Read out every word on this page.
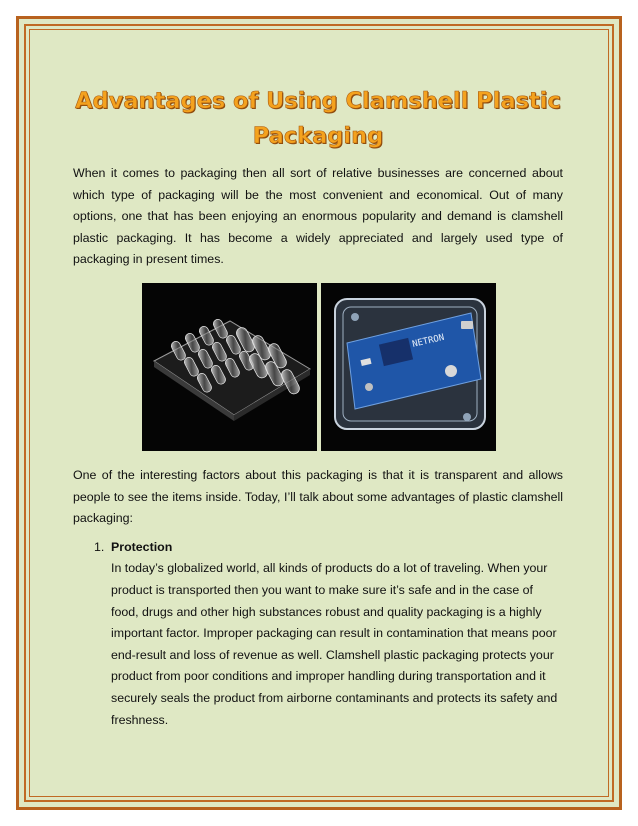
Advantages of Using Clamshell Plastic
Packaging

When it comes to packaging then all sort of relative businesses are concerned about which type of packaging will be the most convenient and economical. Out of many options, one that has been enjoying an enormous popularity and demand is clamshell plastic packaging. It has become a widely appreciated and largely used type of packaging in present times.

NETRON

One of the interesting factors about this packaging is that it is transparent and allows people to see the items inside. Today, I’ll talk about some advantages of plastic clamshell packaging:

1. Protection

In today’s globalized world, all kinds of products do a lot of traveling. When your product is transported then you want to make sure it’s safe and in the case of food, drugs and other high substances robust and quality packaging is a highly important factor. Improper packaging can result in contamination that means poor end-result and loss of revenue as well. Clamshell plastic packaging protects your product from poor conditions and improper handling during transportation and it securely seals the product from airborne contaminants and protects its safety and freshness.
